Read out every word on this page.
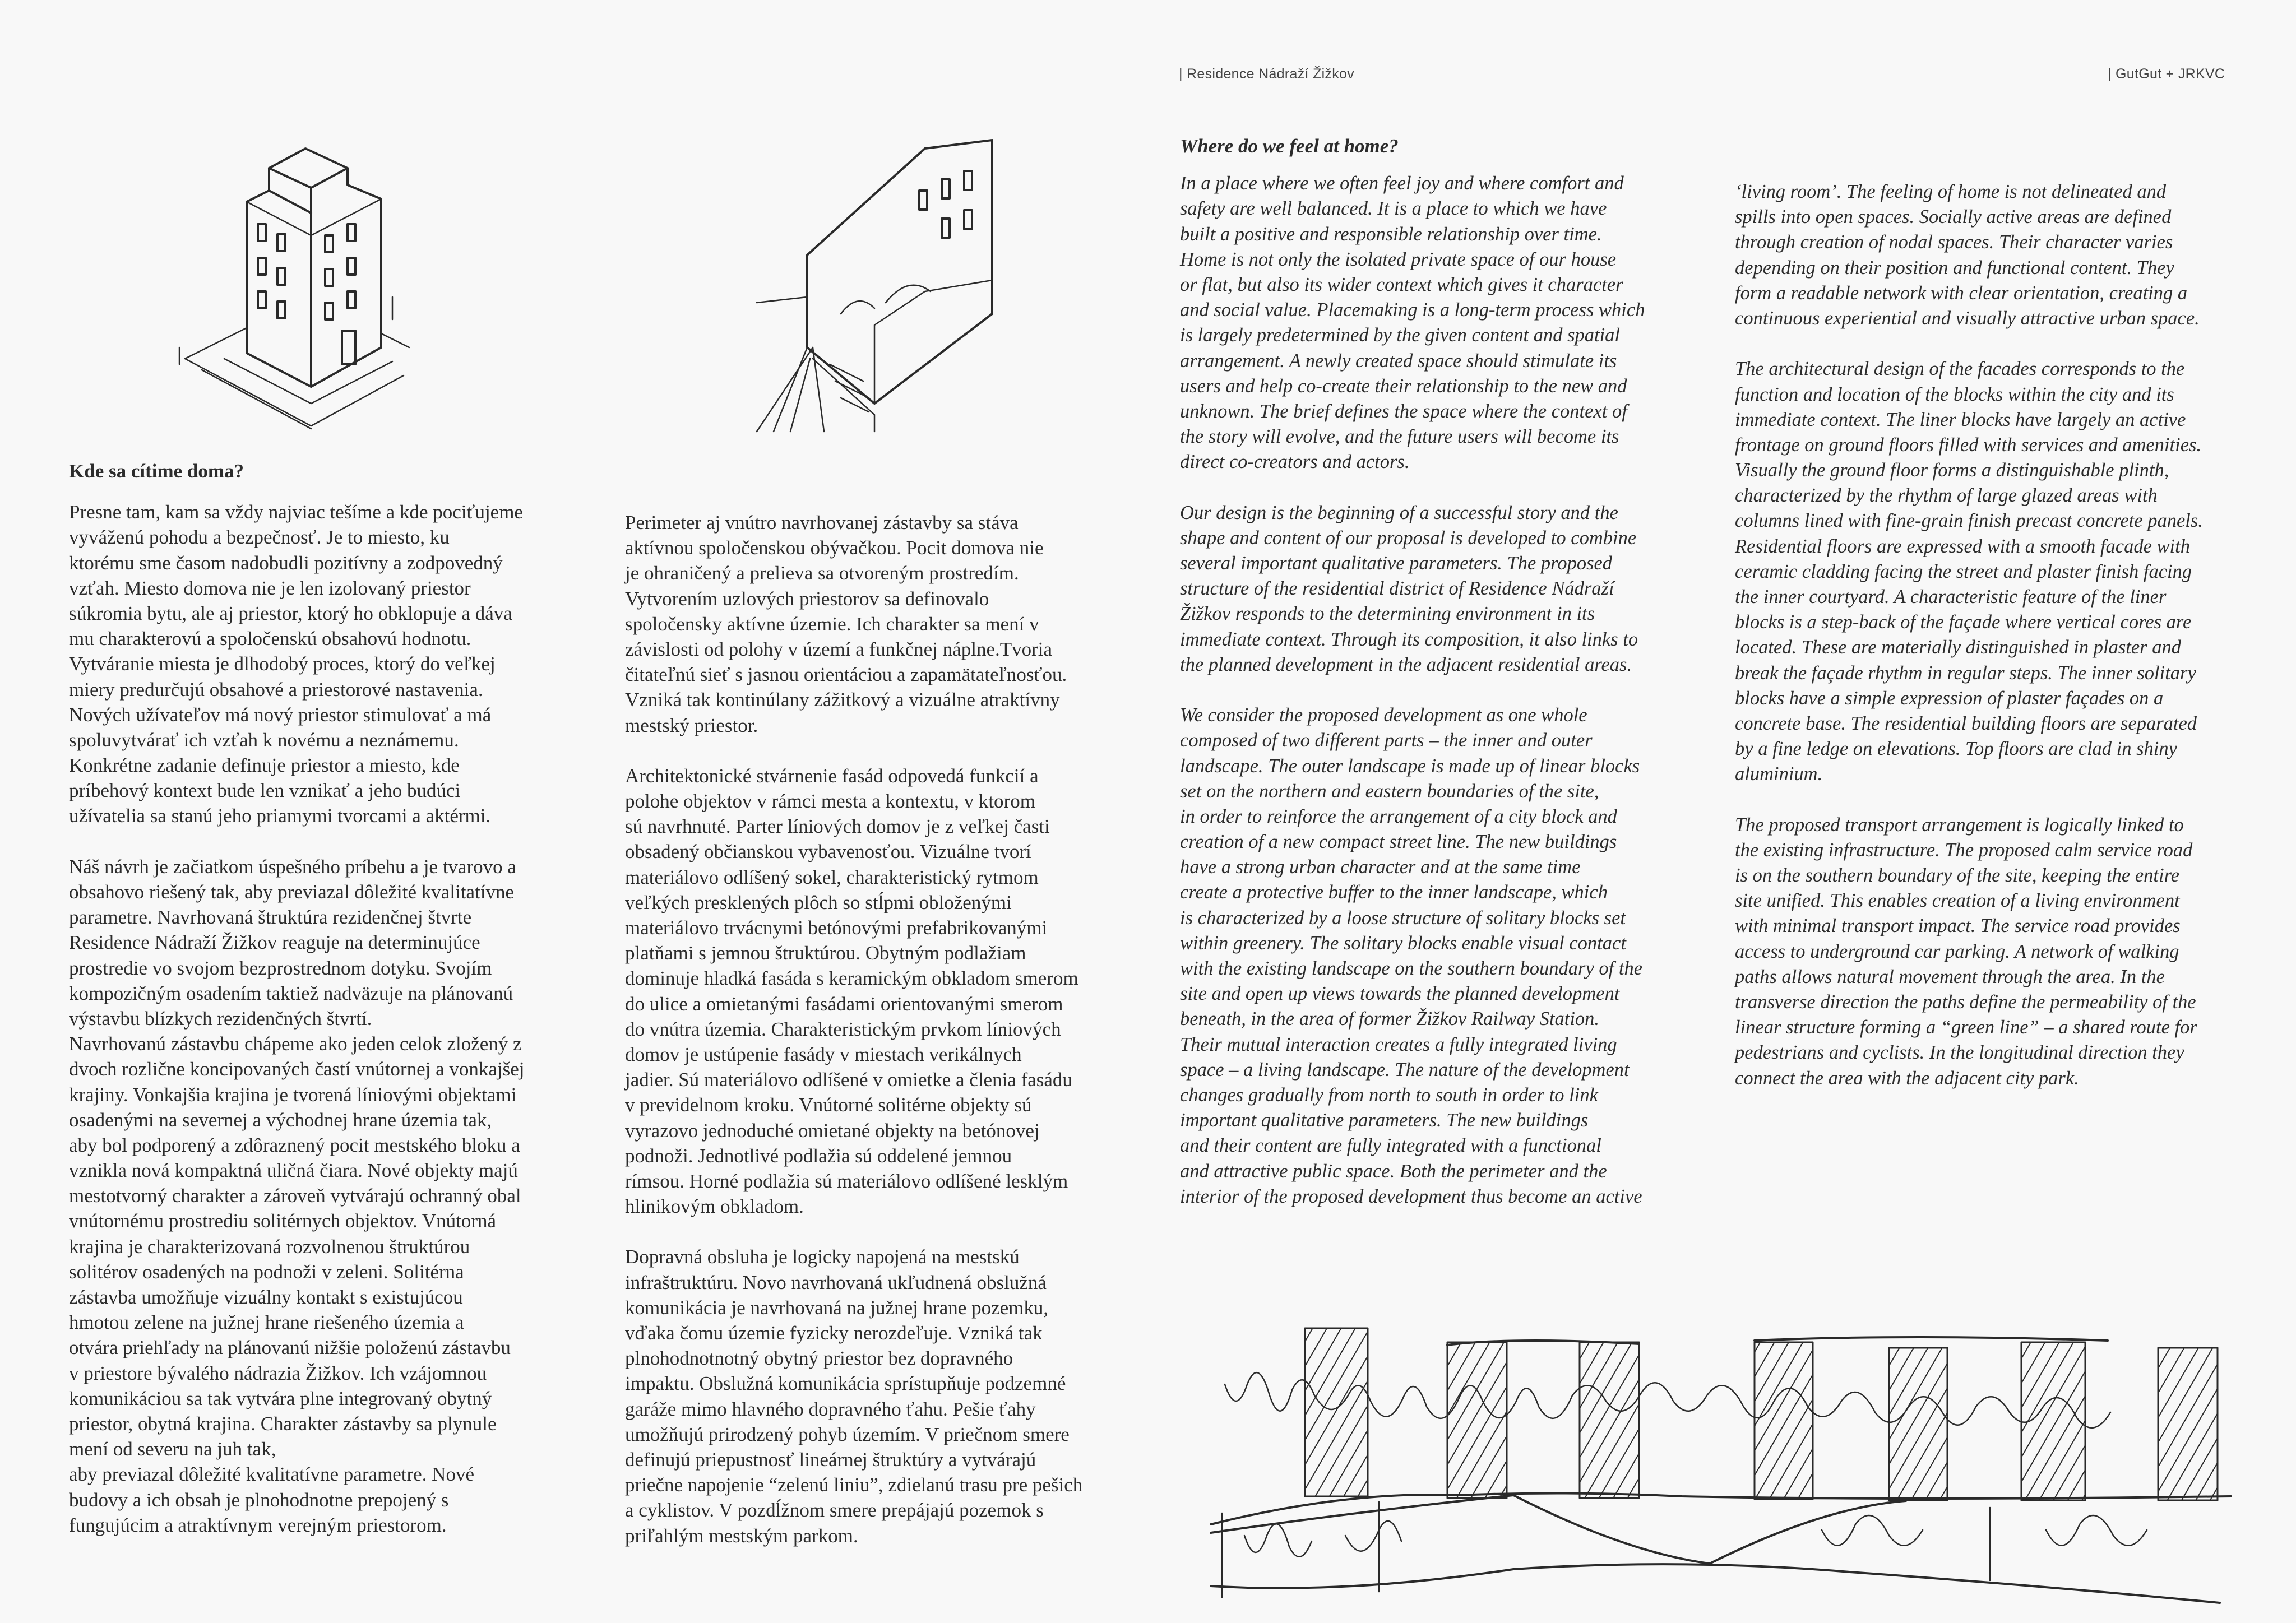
| Residence Nádraží Žižkov	| GutGut + JRKVC
Kde sa cítime doma?
Presne tam, kam sa vždy najviac tešíme a kde pociťujeme
vyváženú pohodu a bezpečnosť. Je to miesto, ku
ktorému sme časom nadobudli pozitívny a zodpovedný
vzťah. Miesto domova nie je len izolovaný priestor
súkromia bytu, ale aj priestor, ktorý ho obklopuje a dáva
mu charakterovú a spoločenskú obsahovú hodnotu.
Vytváranie miesta je dlhodobý proces, ktorý do veľkej
miery predurčujú obsahové a priestorové nastavenia.
Nových užívateľov má nový priestor stimulovať a má
spoluvytvárať ich vzťah k novému a neznámemu.
Konkrétne zadanie definuje priestor a miesto, kde
príbehový kontext bude len vznikať a jeho budúci
užívatelia sa stanú jeho priamymi tvorcami a aktérmi.
Náš návrh je začiatkom úspešného príbehu a je tvarovo a
obsahovo riešený tak, aby previazal dôležité kvalitatívne
parametre. Navrhovaná štruktúra rezidenčnej štvrte
Residence Nádraží Žižkov reaguje na determinujúce
prostredie vo svojom bezprostrednom dotyku. Svojím
kompozičným osadením taktiež nadväzuje na plánovanú
výstavbu blízkych rezidenčných štvrtí.
Navrhovanú zástavbu chápeme ako jeden celok zložený z
dvoch rozlične koncipovaných častí vnútornej a vonkajšej
krajiny. Vonkajšia krajina je tvorená líniovými objektami
osadenými na severnej a východnej hrane územia tak,
aby bol podporený a zdôraznený pocit mestského bloku a
vznikla nová kompaktná uličná čiara. Nové objekty majú
mestotvorný charakter a zároveň vytvárajú ochranný obal
vnútornému prostrediu solitérnych objektov. Vnútorná
krajina je charakterizovaná rozvolnenou štruktúrou
solitérov osadených na podnoži v zeleni. Solitérna
zástavba umožňuje vizuálny kontakt s existujúcou
hmotou zelene na južnej hrane riešeného územia a
otvára priehľady na plánovanú nižšie položenú zástavbu
v priestore bývalého nádrazia Žižkov. Ich vzájomnou
komunikáciou sa tak vytvára plne integrovaný obytný
priestor, obytná krajina. Charakter zástavby sa plynule
mení od severu na juh tak,
aby previazal dôležité kvalitatívne parametre. Nové
budovy a ich obsah je plnohodnotne prepojený s
fungujúcim a atraktívnym verejným priestorom.
Perimeter aj vnútro navrhovanej zástavby sa stáva
aktívnou spoločenskou obývačkou. Pocit domova nie
je ohraničený a prelieva sa otvoreným prostredím.
Vytvorením uzlových priestorov sa definovalo
spoločensky aktívne územie. Ich charakter sa mení v
závislosti od polohy v území a funkčnej náplne.Tvoria
čitateľnú sieť s jasnou orientáciou a zapamätateľnosťou.
Vzniká tak kontinúlany zážitkový a vizuálne atraktívny
mestský priestor.
Architektonické stvárnenie fasád odpovedá funkcií a
polohe objektov v rámci mesta a kontextu, v ktorom
sú navrhnuté. Parter líniových domov je z veľkej časti
obsadený občianskou vybavenosťou. Vizuálne tvorí
materiálovo odlíšený sokel, charakteristický rytmom
veľkých presklených plôch so stĺpmi obloženými
materiálovo trvácnymi betónovými prefabrikovanými
platňami s jemnou štruktúrou. Obytným podlažiam
dominuje hladká fasáda s keramickým obkladom smerom
do ulice a omietanými fasádami orientovanými smerom
do vnútra územia. Charakteristickým prvkom líniových
domov je ustúpenie fasády v miestach verikálnych
jadier. Sú materiálovo odlíšené v omietke a členia fasádu
v previdelnom kroku. Vnútorné solitérne objekty sú
vyrazovo jednoduché omietané objekty na betónovej
podnoži. Jednotlivé podlažia sú oddelené jemnou
rímsou. Horné podlažia sú materiálovo odlíšené lesklým
hlinikovým obkladom.
Dopravná obsluha je logicky napojená na mestskú
infraštruktúru. Novo navrhovaná ukľudnená obslužná
komunikácia je navrhovaná na južnej hrane pozemku,
vďaka čomu územie fyzicky nerozdeľuje. Vzniká tak
plnohodnotnotný obytný priestor bez dopravného
impaktu. Obslužná komunikácia sprístupňuje podzemné
garáže mimo hlavného dopravného ťahu. Pešie ťahy
umožňujú prirodzený pohyb územím. V priečnom smere
definujú priepustnosť lineárnej štruktúry a vytvárajú
priečne napojenie “zelenú liniu”, zdielanú trasu pre pešich
a cyklistov. V pozdĺžnom smere prepájajú pozemok s
priľahlým mestským parkom.
Where do we feel at home?
In a place where we often feel joy and where comfort and
safety are well balanced. It is a place to which we have
built a positive and responsible relationship over time.
Home is not only the isolated private space of our house
or flat, but also its wider context which gives it character
and social value. Placemaking is a long-term process which
is largely predetermined by the given content and spatial
arrangement. A newly created space should stimulate its
users and help co-create their relationship to the new and
unknown. The brief defines the space where the context of
the story will evolve, and the future users will become its
direct co-creators and actors.
Our design is the beginning of a successful story and the
shape and content of our proposal is developed to combine
several important qualitative parameters. The proposed
structure of the residential district of Residence Nádraží
Žižkov responds to the determining environment in its
immediate context. Through its composition, it also links to
the planned development in the adjacent residential areas.
We consider the proposed development as one whole
composed of two different parts – the inner and outer
landscape. The outer landscape is made up of linear blocks
set on the northern and eastern boundaries of the site,
in order to reinforce the arrangement of a city block and
creation of a new compact street line. The new buildings
have a strong urban character and at the same time
create a protective buffer to the inner landscape, which
is characterized by a loose structure of solitary blocks set
within greenery. The solitary blocks enable visual contact
with the existing landscape on the southern boundary of the
site and open up views towards the planned development
beneath, in the area of former Žižkov Railway Station.
Their mutual interaction creates a fully integrated living
space – a living landscape. The nature of the development
changes gradually from north to south in order to link
important qualitative parameters. The new buildings
and their content are fully integrated with a functional
and attractive public space. Both the perimeter and the
interior of the proposed development thus become an active
‘living room’. The feeling of home is not delineated and
spills into open spaces. Socially active areas are defined
through creation of nodal spaces. Their character varies
depending on their position and functional content. They
form a readable network with clear orientation, creating a
continuous experiential and visually attractive urban space.
The architectural design of the facades corresponds to the
function and location of the blocks within the city and its
immediate context. The liner blocks have largely an active
frontage on ground floors filled with services and amenities.
Visually the ground floor forms a distinguishable plinth,
characterized by the rhythm of large glazed areas with
columns lined with fine-grain finish precast concrete panels.
Residential floors are expressed with a smooth facade with
ceramic cladding facing the street and plaster finish facing
the inner courtyard. A characteristic feature of the liner
blocks is a step-back of the façade where vertical cores are
located. These are materially distinguished in plaster and
break the façade rhythm in regular steps. The inner solitary
blocks have a simple expression of plaster façades on a
concrete base. The residential building floors are separated
by a fine ledge on elevations. Top floors are clad in shiny
aluminium.
The proposed transport arrangement is logically linked to
the existing infrastructure. The proposed calm service road
is on the southern boundary of the site, keeping the entire
site unified. This enables creation of a living environment
with minimal transport impact. The service road provides
access to underground car parking. A network of walking
paths allows natural movement through the area. In the
transverse direction the paths define the permeability of the
linear structure forming a “green line” – a shared route for
pedestrians and cyclists. In the longitudinal direction they
connect the area with the adjacent city park.
